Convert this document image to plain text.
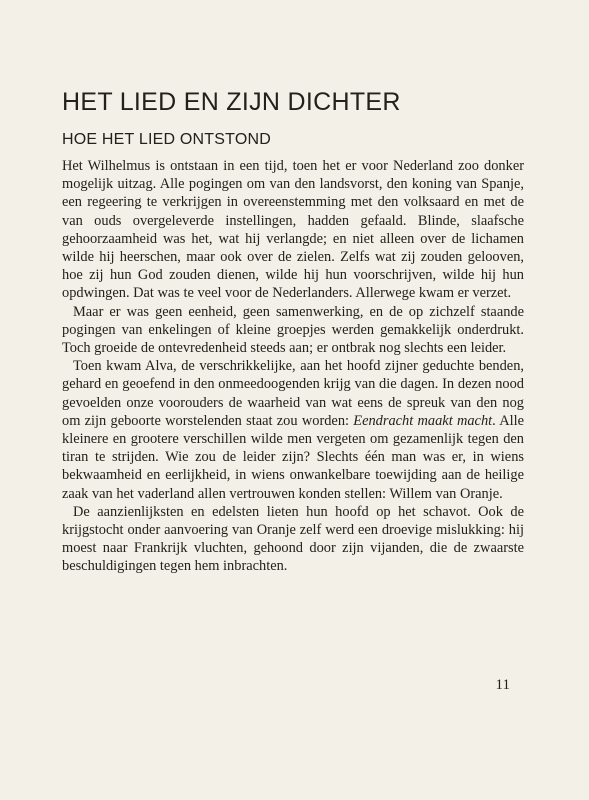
HET LIED EN ZIJN DICHTER
HOE HET LIED ONTSTOND

Het Wilhelmus is ontstaan in een tijd, toen het er voor Nederland zoo donker mogelijk uitzag. Alle pogingen om van den landsvorst, den koning van Spanje, een regeering te verkrijgen in overeenstemming met den volksaard en met de van ouds overgeleverde instellingen, hadden gefaald. Blinde, slaafsche gehoorzaamheid was het, wat hij verlangde; en niet alleen over de lichamen wilde hij heerschen, maar ook over de zielen. Zelfs wat zij zouden gelooven, hoe zij hun God zouden dienen, wilde hij hun voorschrijven, wilde hij hun opdwingen. Dat was te veel voor de Nederlanders. Allerwege kwam er verzet.

Maar er was geen eenheid, geen samenwerking, en de op zichzelf staande pogingen van enkelingen of kleine groepjes werden gemakkelijk onderdrukt. Toch groeide de ontevredenheid steeds aan; er ontbrak nog slechts een leider.

Toen kwam Alva, de verschrikkelijke, aan het hoofd zijner geduchte benden, gehard en geoefend in den onmeedoogenden krijg van die dagen. In dezen nood gevoelden onze voorouders de waarheid van wat eens de spreuk van den nog om zijn geboorte worstelenden staat zou worden: Eendracht maakt macht. Alle kleinere en grootere verschillen wilde men vergeten om gezamenlijk tegen den tiran te strijden. Wie zou de leider zijn? Slechts één man was er, in wiens bekwaamheid en eerlijkheid, in wiens onwankelbare toewijding aan de heilige zaak van het vaderland allen vertrouwen konden stellen: Willem van Oranje.

De aanzienlijksten en edelsten lieten hun hoofd op het schavot. Ook de krijgstocht onder aanvoering van Oranje zelf werd een droevige mislukking: hij moest naar Frankrijk vluchten, gehoond door zijn vijanden, die de zwaarste beschuldigingen tegen hem inbrachten.

11
